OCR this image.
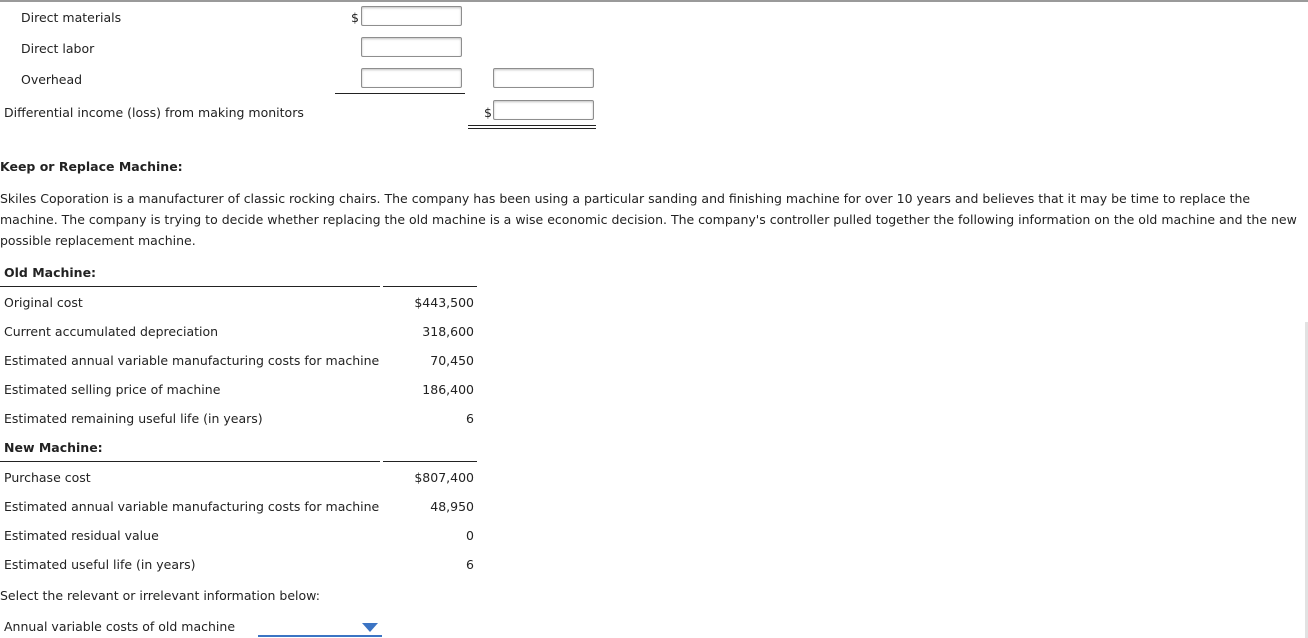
Direct materials	$
Direct labor
Overhead
Differential income (loss) from making monitors	$
Keep or Replace Machine:
Skiles Coporation is a manufacturer of classic rocking chairs. The company has been using a particular sanding and finishing machine for over 10 years and believes that it may be time to replace the machine. The company is trying to decide whether replacing the old machine is a wise economic decision. The company's controller pulled together the following information on the old machine and the new possible replacement machine.
Old Machine:
Original cost	$443,500
Current accumulated depreciation	318,600
Estimated annual variable manufacturing costs for machine	70,450
Estimated selling price of machine	186,400
Estimated remaining useful life (in years)	6
New Machine:
Purchase cost	$807,400
Estimated annual variable manufacturing costs for machine	48,950
Estimated residual value	0
Estimated useful life (in years)	6
Select the relevant or irrelevant information below:
Annual variable costs of old machine
